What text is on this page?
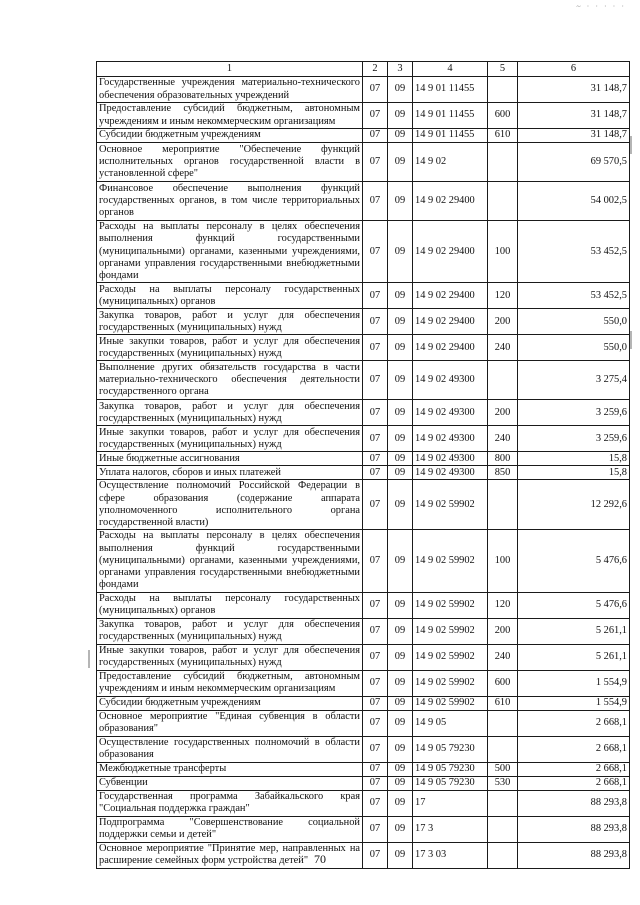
~ · · · · ·
1	2	3	4	5	6
Государственные учреждения материально-технического обеспечения образовательных учреждений	07	09	14 9 01 11455		31 148,7
Предоставление субсидий бюджетным, автономным учреждениям и иным некоммерческим организациям	07	09	14 9 01 11455	600	31 148,7
Субсидии бюджетным учреждениям	07	09	14 9 01 11455	610	31 148,7
Основное мероприятие "Обеспечение функций исполнительных органов государственной власти в установленной сфере"	07	09	14 9 02		69 570,5
Финансовое обеспечение выполнения функций государственных органов, в том числе территориальных органов	07	09	14 9 02 29400		54 002,5
Расходы на выплаты персоналу в целях обеспечения выполнения функций государственными (муниципальными) органами, казенными учреждениями, органами управления государственными внебюджетными фондами	07	09	14 9 02 29400	100	53 452,5
Расходы на выплаты персоналу государственных (муниципальных) органов	07	09	14 9 02 29400	120	53 452,5
Закупка товаров, работ и услуг для обеспечения государственных (муниципальных) нужд	07	09	14 9 02 29400	200	550,0
Иные закупки товаров, работ и услуг для обеспечения государственных (муниципальных) нужд	07	09	14 9 02 29400	240	550,0
Выполнение других обязательств государства в части материально-технического обеспечения деятельности государственного органа	07	09	14 9 02 49300		3 275,4
Закупка товаров, работ и услуг для обеспечения государственных (муниципальных) нужд	07	09	14 9 02 49300	200	3 259,6
Иные закупки товаров, работ и услуг для обеспечения государственных (муниципальных) нужд	07	09	14 9 02 49300	240	3 259,6
Иные бюджетные ассигнования	07	09	14 9 02 49300	800	15,8
Уплата налогов, сборов и иных платежей	07	09	14 9 02 49300	850	15,8
Осуществление полномочий Российской Федерации в сфере образования (содержание аппарата уполномоченного исполнительного органа государственной власти)	07	09	14 9 02 59902		12 292,6
Расходы на выплаты персоналу в целях обеспечения выполнения функций государственными (муниципальными) органами, казенными учреждениями, органами управления государственными внебюджетными фондами	07	09	14 9 02 59902	100	5 476,6
Расходы на выплаты персоналу государственных (муниципальных) органов	07	09	14 9 02 59902	120	5 476,6
Закупка товаров, работ и услуг для обеспечения государственных (муниципальных) нужд	07	09	14 9 02 59902	200	5 261,1
Иные закупки товаров, работ и услуг для обеспечения государственных (муниципальных) нужд	07	09	14 9 02 59902	240	5 261,1
Предоставление субсидий бюджетным, автономным учреждениям и иным некоммерческим организациям	07	09	14 9 02 59902	600	1 554,9
Субсидии бюджетным учреждениям	07	09	14 9 02 59902	610	1 554,9
Основное мероприятие "Единая субвенция в области образования"	07	09	14 9 05		2 668,1
Осуществление государственных полномочий в области образования	07	09	14 9 05 79230		2 668,1
Межбюджетные трансферты	07	09	14 9 05 79230	500	2 668,1
Субвенции	07	09	14 9 05 79230	530	2 668,1
Государственная программа Забайкальского края "Социальная поддержка граждан"	07	09	17		88 293,8
Подпрограмма "Совершенствование социальной поддержки семьи и детей"	07	09	17 3		88 293,8
Основное мероприятие "Принятие мер, направленных на расширение семейных форм устройства детей"	07	09	17 3 03		88 293,8
70
